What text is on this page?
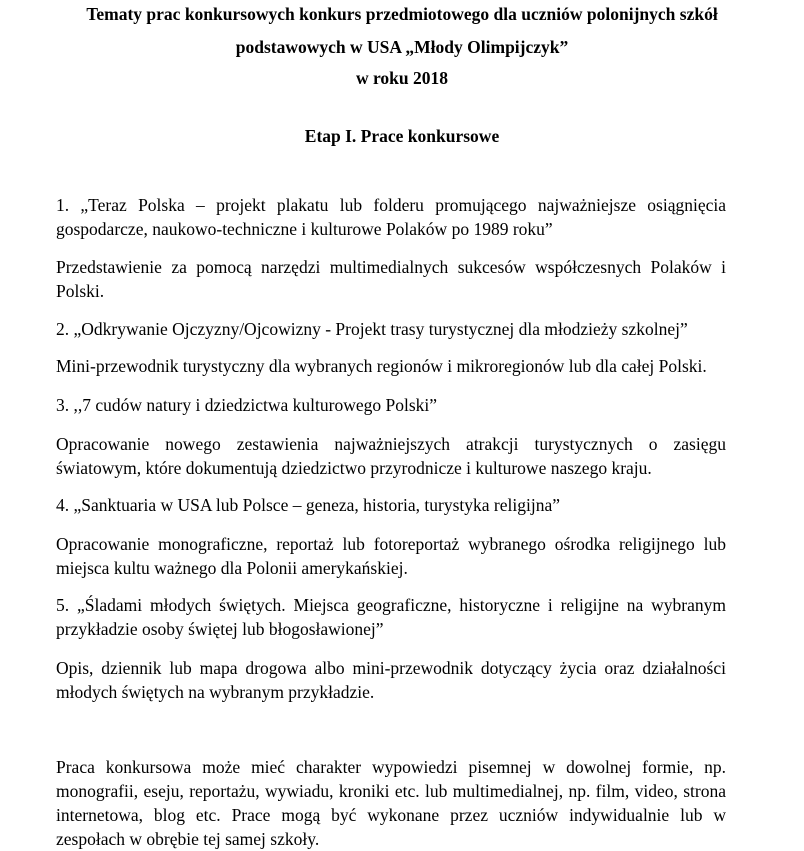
Tematy prac konkursowych konkurs przedmiotowego dla uczniów polonijnych szkół

podstawowych w USA „Młody Olimpijczyk”

w roku 2018

Etap I. Prace konkursowe

1. „Teraz Polska – projekt plakatu lub folderu promującego najważniejsze osiągnięcia gospodarcze, naukowo-techniczne i kulturowe Polaków po 1989 roku”

Przedstawienie za pomocą narzędzi multimedialnych sukcesów współczesnych Polaków i Polski.

2. „Odkrywanie Ojczyzny/Ojcowizny - Projekt trasy turystycznej dla młodzieży szkolnej”

Mini-przewodnik turystyczny dla wybranych regionów i mikroregionów lub dla całej Polski.

3. ,,7 cudów natury i dziedzictwa kulturowego Polski”

Opracowanie nowego zestawienia najważniejszych atrakcji turystycznych o zasięgu światowym, które dokumentują dziedzictwo przyrodnicze i kulturowe naszego kraju.

4. „Sanktuaria w USA lub Polsce – geneza, historia, turystyka religijna”

Opracowanie monograficzne, reportaż lub fotoreportaż wybranego ośrodka religijnego lub miejsca kultu ważnego dla Polonii amerykańskiej.

5. „Śladami młodych świętych. Miejsca geograficzne, historyczne i religijne na wybranym przykładzie osoby świętej lub błogosławionej”

Opis, dziennik lub mapa drogowa albo mini-przewodnik dotyczący życia oraz działalności młodych świętych na wybranym przykładzie.

Praca konkursowa może mieć charakter wypowiedzi pisemnej w dowolnej formie, np. monografii, eseju, reportażu, wywiadu, kroniki etc. lub multimedialnej, np. film, video, strona internetowa, blog etc. Prace mogą być wykonane przez uczniów indywidualnie lub w zespołach w obrębie tej samej szkoły.
